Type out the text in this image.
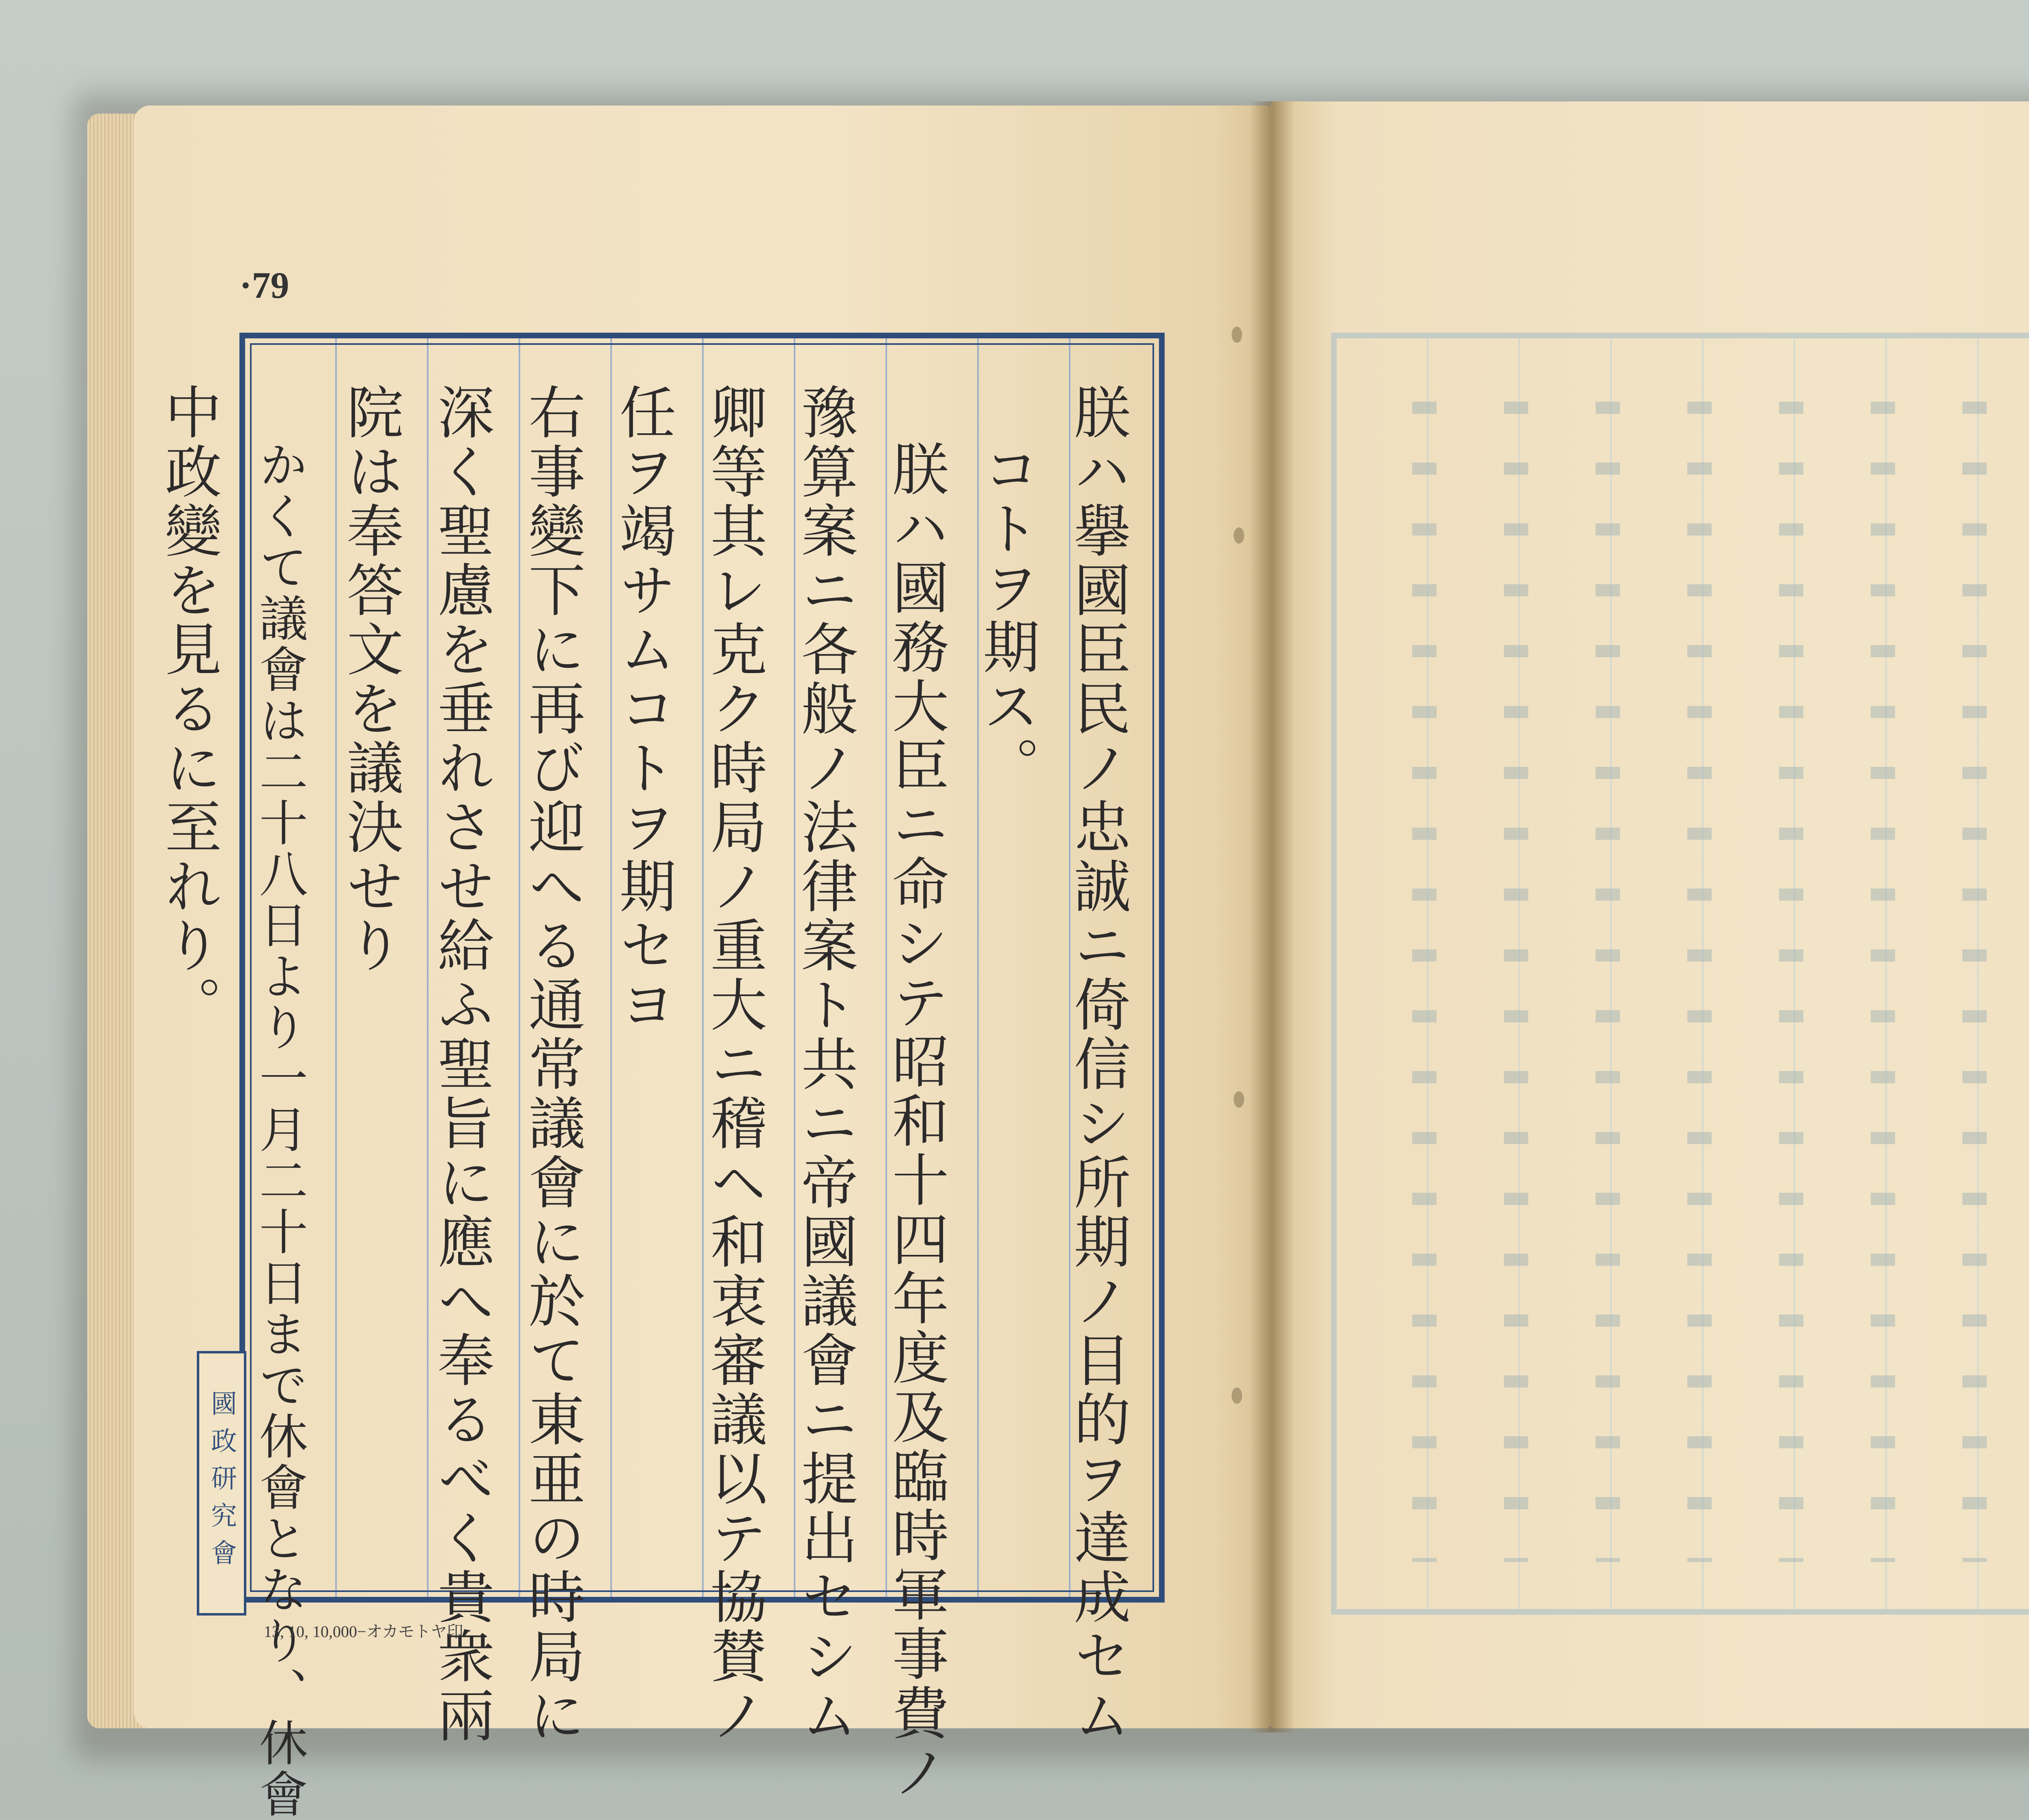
·79
朕ハ擧國臣民ノ忠誠ニ倚信シ所期ノ目的ヲ達成セム
コトヲ期ス。
朕ハ國務大臣ニ命シテ昭和十四年度及臨時軍事費ノ
豫算案ニ各般ノ法律案ト共ニ帝國議會ニ提出セシム
卿等其レ克ク時局ノ重大ニ稽ヘ和衷審議以テ協賛ノ
任ヲ竭サムコトヲ期セヨ
右事變下に再び迎へる通常議會に於て東亜の時局に
深く聖慮を垂れさせ給ふ聖旨に應へ奉るべく貴衆兩
院は奉答文を議決せり
かくて議會は二十八日より一月二十日まで休會となり、休會
中政變を見るに至れり。
國政研究會
13, 10, 10,000−オカモトヤ印
